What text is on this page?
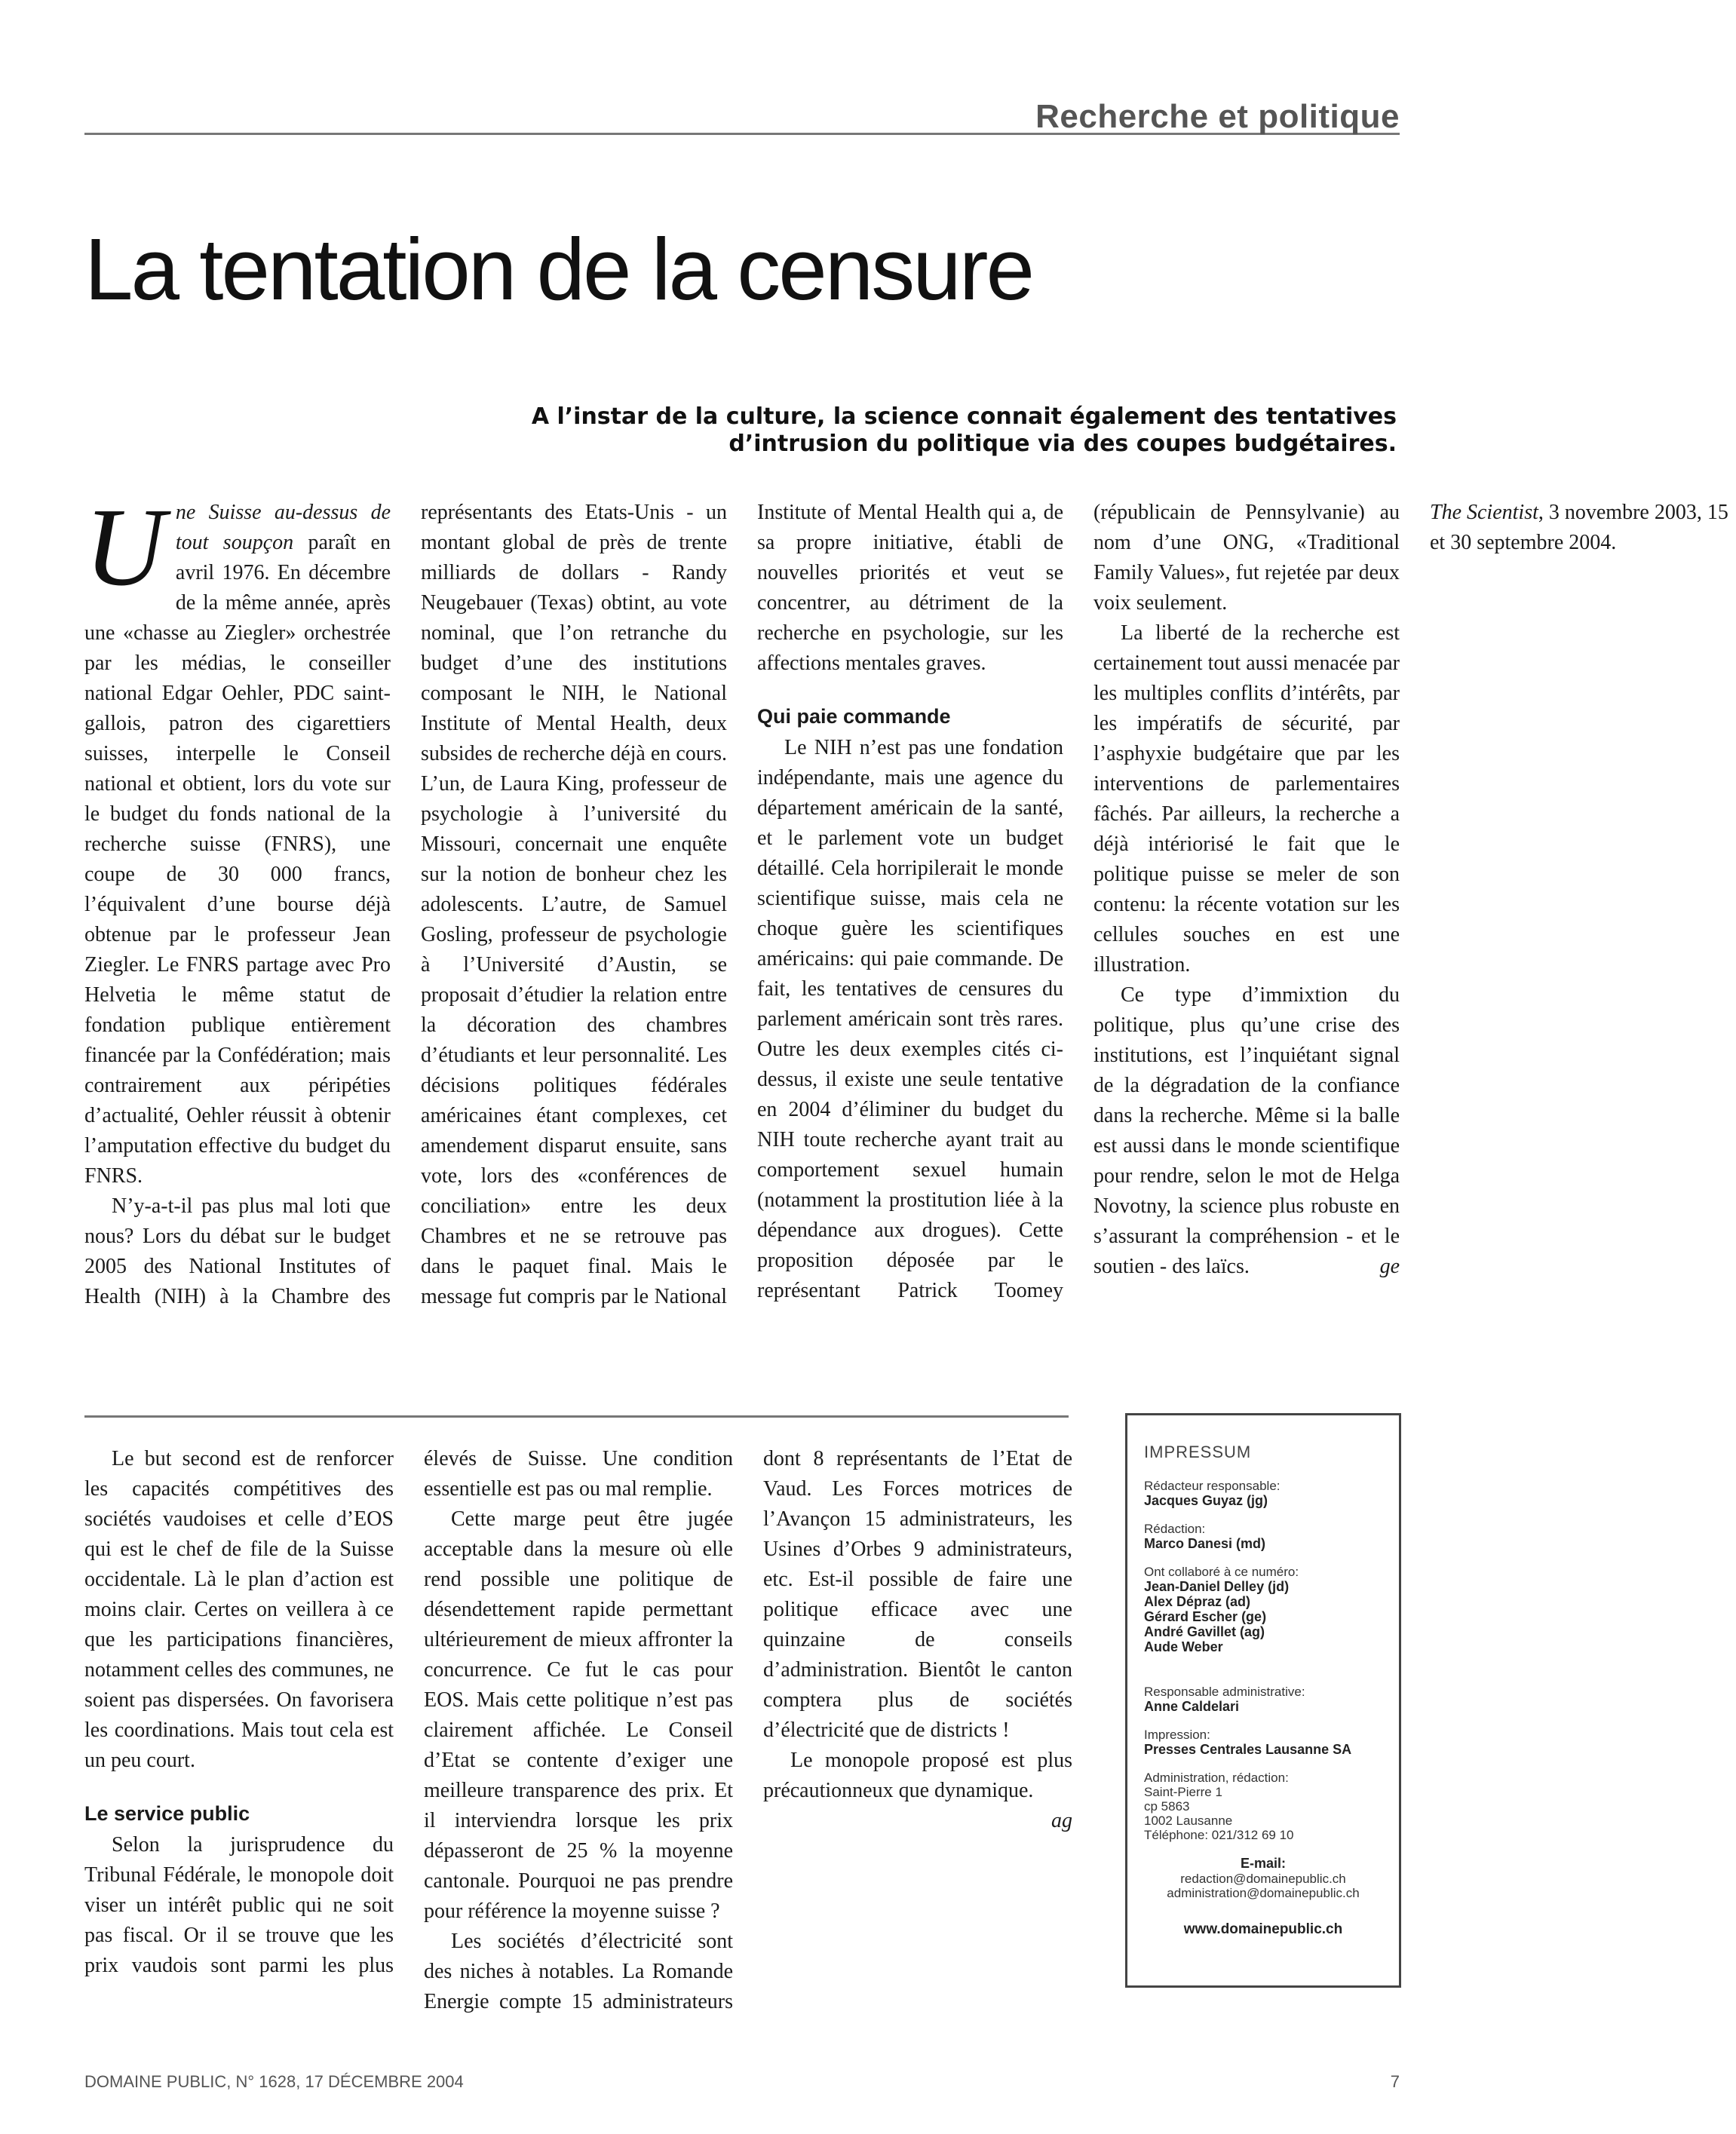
Recherche et politique
La tentation de la censure
A l’instar de la culture, la science connait également des tentatives
d’intrusion du politique via des coupes budgétaires.

Une Suisse au-dessus de tout soupçon paraît en avril 1976. En décembre de la même année, après une «chasse au Ziegler» orchestrée par les médias, le conseiller national Edgar Oehler, PDC saint-gallois, patron des cigarettiers suisses, interpelle le Conseil national et obtient, lors du vote sur le budget du fonds national de la recherche suisse (FNRS), une coupe de 30 000 francs, l’équivalent d’une bourse déjà obtenue par le professeur Jean Ziegler. Le FNRS partage avec Pro Helvetia le même statut de fondation publique entièrement financée par la Confédération; mais contrairement aux péripéties d’actualité, Oehler réussit à obtenir l’amputation effective du budget du FNRS.

N’y-a-t-il pas plus mal loti que nous? Lors du débat sur le budget 2005 des National Institutes of Health (NIH) à la Chambre des représentants des Etats-Unis - un montant global de près de trente milliards de dollars - Randy Neugebauer (Texas) obtint, au vote nominal, que l’on retranche du budget d’une des institutions composant le NIH, le National Institute of Mental Health, deux subsides de recherche déjà en cours. L’un, de Laura King, professeur de psychologie à l’université du Missouri, concernait une enquête sur la notion de bonheur chez les adolescents. L’autre, de Samuel Gosling, professeur de psychologie à l’Université d’Austin, se proposait d’étudier la relation entre la décoration des chambres d’étudiants et leur personnalité. Les décisions politiques fédérales américaines étant complexes, cet amendement disparut ensuite, sans vote, lors des «conférences de conciliation» entre les deux Chambres et ne se retrouve pas dans le paquet final. Mais le message fut compris par le National Institute of Mental Health qui a, de sa propre initiative, établi de nouvelles priorités et veut se concentrer, au détriment de la recherche en psychologie, sur les affections mentales graves.

Qui paie commande

Le NIH n’est pas une fondation indépendante, mais une agence du département américain de la santé, et le parlement vote un budget détaillé. Cela horripilerait le monde scientifique suisse, mais cela ne choque guère les scientifiques américains: qui paie commande. De fait, les tentatives de censures du parlement américain sont très rares. Outre les deux exemples cités ci-dessus, il existe une seule tentative en 2004 d’éliminer du budget du NIH toute recherche ayant trait au comportement sexuel humain (notamment la prostitution liée à la dépendance aux drogues). Cette proposition déposée par le représentant Patrick Toomey (républicain de Pennsylvanie) au nom d’une ONG, «Traditional Family Values», fut rejetée par deux voix seulement.

La liberté de la recherche est certainement tout aussi menacée par les multiples conflits d’intérêts, par les impératifs de sécurité, par l’asphyxie budgétaire que par les interventions de parlementaires fâchés. Par ailleurs, la recherche a déjà intériorisé le fait que le politique puisse se meler de son contenu: la récente votation sur les cellules souches en est une illustration.

Ce type d’immixtion du politique, plus qu’une crise des institutions, est l’inquiétant signal de la dégradation de la confiance dans la recherche. Même si la balle est aussi dans le monde scientifique pour rendre, selon le mot de Helga Novotny, la science plus robuste en s’assurant la compréhension - et le soutien - des laïcs.	ge

The Scientist, 3 novembre 2003, 15 et 30 septembre 2004.

Le but second est de renforcer les capacités compétitives des sociétés vaudoises et celle d’EOS qui est le chef de file de la Suisse occidentale. Là le plan d’action est moins clair. Certes on veillera à ce que les participations financières, notamment celles des communes, ne soient pas dispersées. On favorisera les coordinations. Mais tout cela est un peu court.

Le service public

Selon la jurisprudence du Tribunal Fédérale, le monopole doit viser un intérêt public qui ne soit pas fiscal. Or il se trouve que les prix vaudois sont parmi les plus élevés de Suisse. Une condition essentielle est pas ou mal remplie.

Cette marge peut être jugée acceptable dans la mesure où elle rend possible une politique de désendettement rapide permettant ultérieurement de mieux affronter la concurrence. Ce fut le cas pour EOS. Mais cette politique n’est pas clairement affichée. Le Conseil d’Etat se contente d’exiger une meilleure transparence des prix. Et il interviendra lorsque les prix dépasseront de 25 % la moyenne cantonale. Pourquoi ne pas prendre pour référence la moyenne suisse ?

Les sociétés d’électricité sont des niches à notables. La Romande Energie compte 15 administrateurs dont 8 représentants de l’Etat de Vaud. Les Forces motrices de l’Avançon 15 administrateurs, les Usines d’Orbes 9 administrateurs, etc. Est-il possible de faire une politique efficace avec une quinzaine de conseils d’administration. Bientôt le canton comptera plus de sociétés d’électricité que de districts !

Le monopole proposé est plus précautionneux que dynamique.
ag

IMPRESSUM
Rédacteur responsable:
Jacques Guyaz (jg)
Rédaction:
Marco Danesi (md)
Ont collaboré à ce numéro:
Jean-Daniel Delley (jd)
Alex Dépraz (ad)
Gérard Escher (ge)
André Gavillet (ag)
Aude Weber
Responsable administrative:
Anne Caldelari
Impression:
Presses Centrales Lausanne SA
Administration, rédaction:
Saint-Pierre 1
cp 5863
1002 Lausanne
Téléphone: 021/312 69 10
E-mail:
redaction@domainepublic.ch
administration@domainepublic.ch
www.domainepublic.ch
DOMAINE PUBLIC, N° 1628, 17 DÉCEMBRE 2004	7
